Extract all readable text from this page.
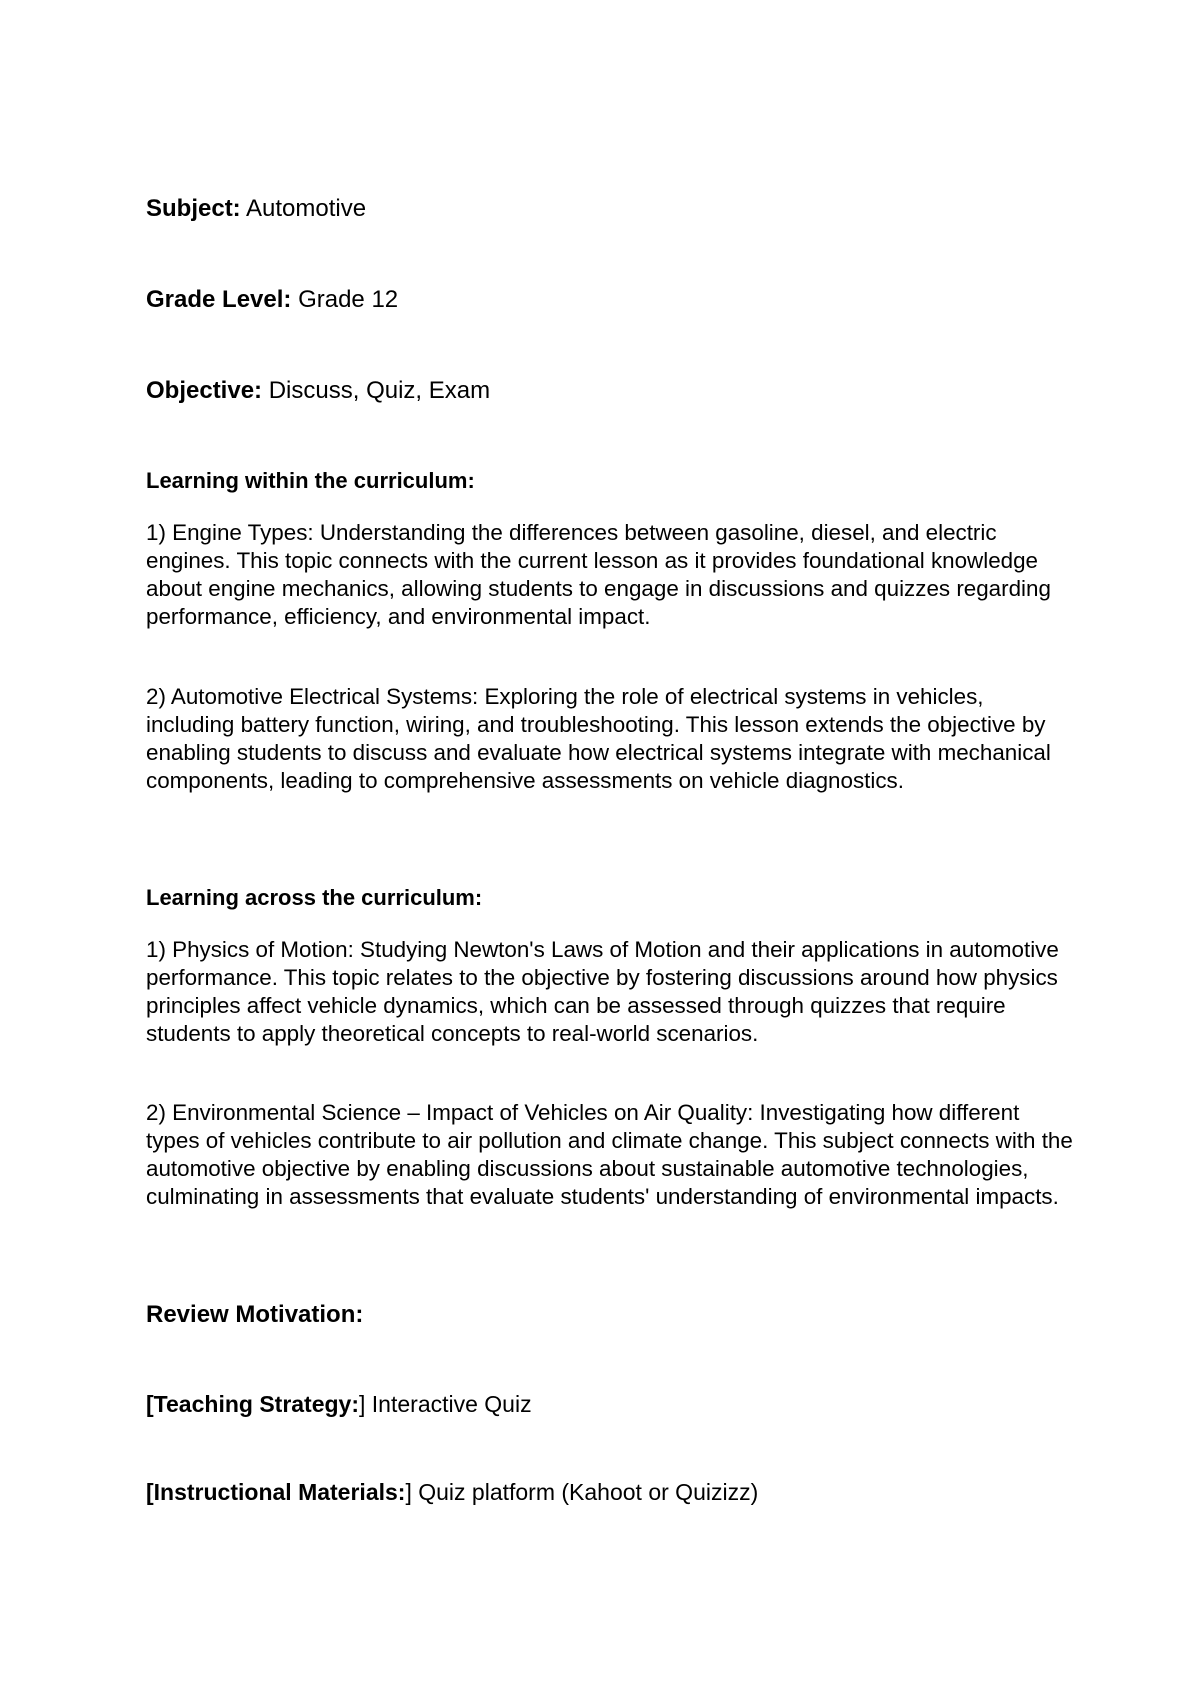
Subject: Automotive

Grade Level: Grade 12

Objective: Discuss, Quiz, Exam

Learning within the curriculum:

1) Engine Types: Understanding the differences between gasoline, diesel, and electric engines. This topic connects with the current lesson as it provides foundational knowledge about engine mechanics, allowing students to engage in discussions and quizzes regarding performance, efficiency, and environmental impact.

2) Automotive Electrical Systems: Exploring the role of electrical systems in vehicles, including battery function, wiring, and troubleshooting. This lesson extends the objective by enabling students to discuss and evaluate how electrical systems integrate with mechanical components, leading to comprehensive assessments on vehicle diagnostics.

Learning across the curriculum:

1) Physics of Motion: Studying Newton's Laws of Motion and their applications in automotive performance. This topic relates to the objective by fostering discussions around how physics principles affect vehicle dynamics, which can be assessed through quizzes that require students to apply theoretical concepts to real-world scenarios.

2) Environmental Science – Impact of Vehicles on Air Quality: Investigating how different types of vehicles contribute to air pollution and climate change. This subject connects with the automotive objective by enabling discussions about sustainable automotive technologies, culminating in assessments that evaluate students' understanding of environmental impacts.

Review Motivation:

[Teaching Strategy:] Interactive Quiz

[Instructional Materials:] Quiz platform (Kahoot or Quizizz)
